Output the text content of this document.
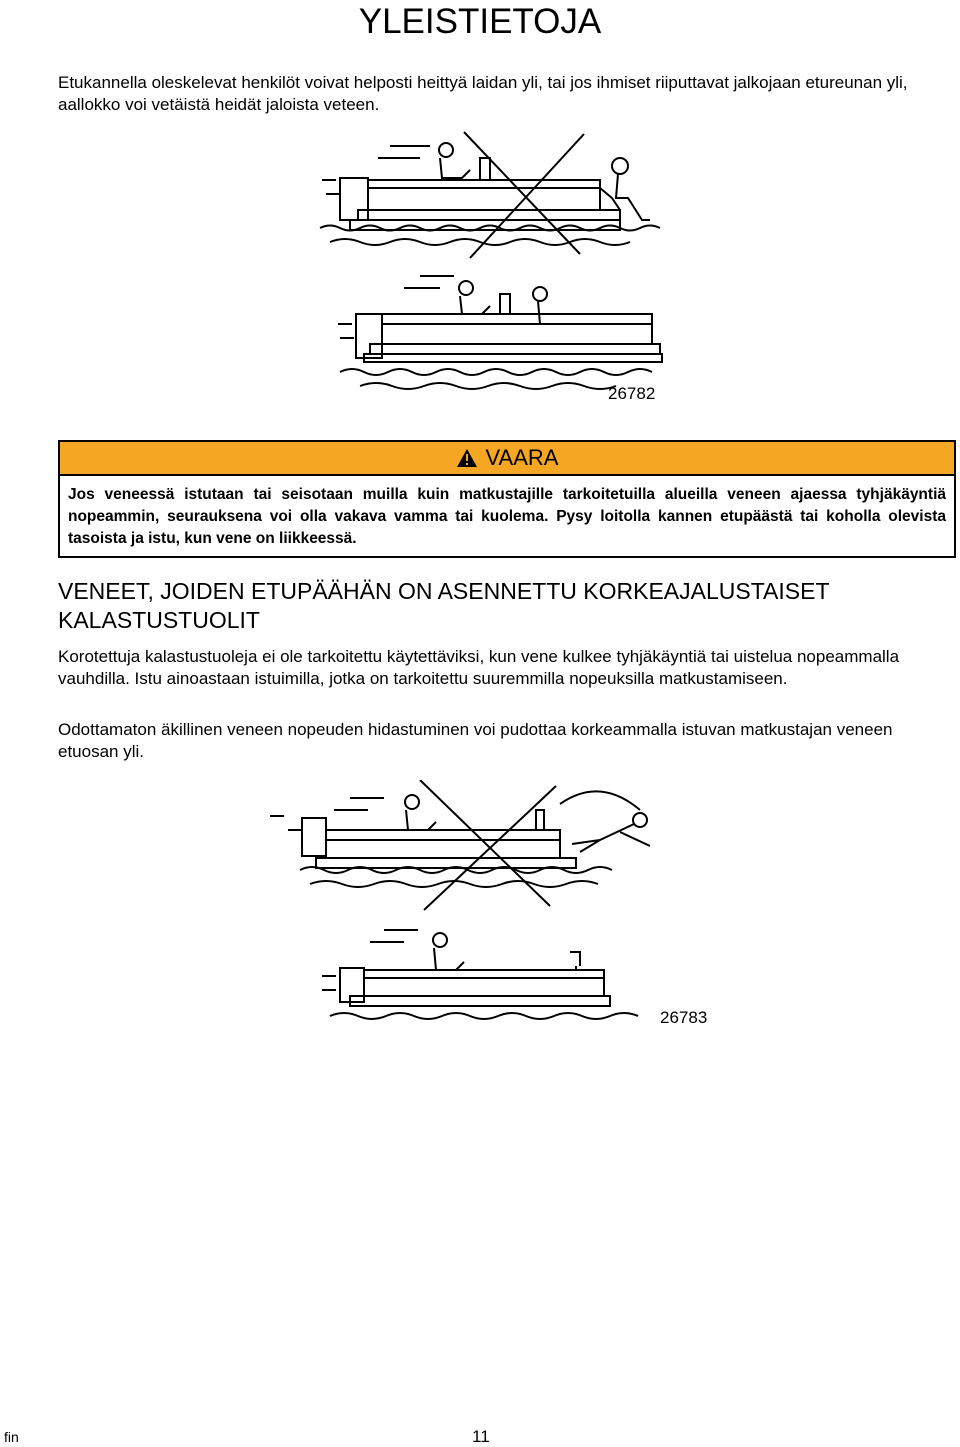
YLEISTIETOJA
Etukannella oleskelevat henkilöt voivat helposti heittyä laidan yli, tai jos ihmiset riiputtavat jalkojaan etureunan yli, aallokko voi vetäistä heidät jaloista veteen.
26782
VAARA
Jos veneessä istutaan tai seisotaan muilla kuin matkustajille tarkoitetuilla alueilla veneen ajaessa tyhjäkäyntiä nopeammin, seurauksena voi olla vakava vamma tai kuolema. Pysy loitolla kannen etupäästä tai koholla olevista tasoista ja istu, kun vene on liikkeessä.
VENEET, JOIDEN ETUPÄÄHÄN ON ASENNETTU KORKEAJALUSTAISET KALASTUSTUOLIT
Korotettuja kalastustuoleja ei ole tarkoitettu käytettäviksi, kun vene kulkee tyhjäkäyntiä tai uistelua nopeammalla vauhdilla. Istu ainoastaan istuimilla, jotka on tarkoitettu suuremmilla nopeuksilla matkustamiseen.
Odottamaton äkillinen veneen nopeuden hidastuminen voi pudottaa korkeammalla istuvan matkustajan veneen etuosan yli.
26783
fin	11
